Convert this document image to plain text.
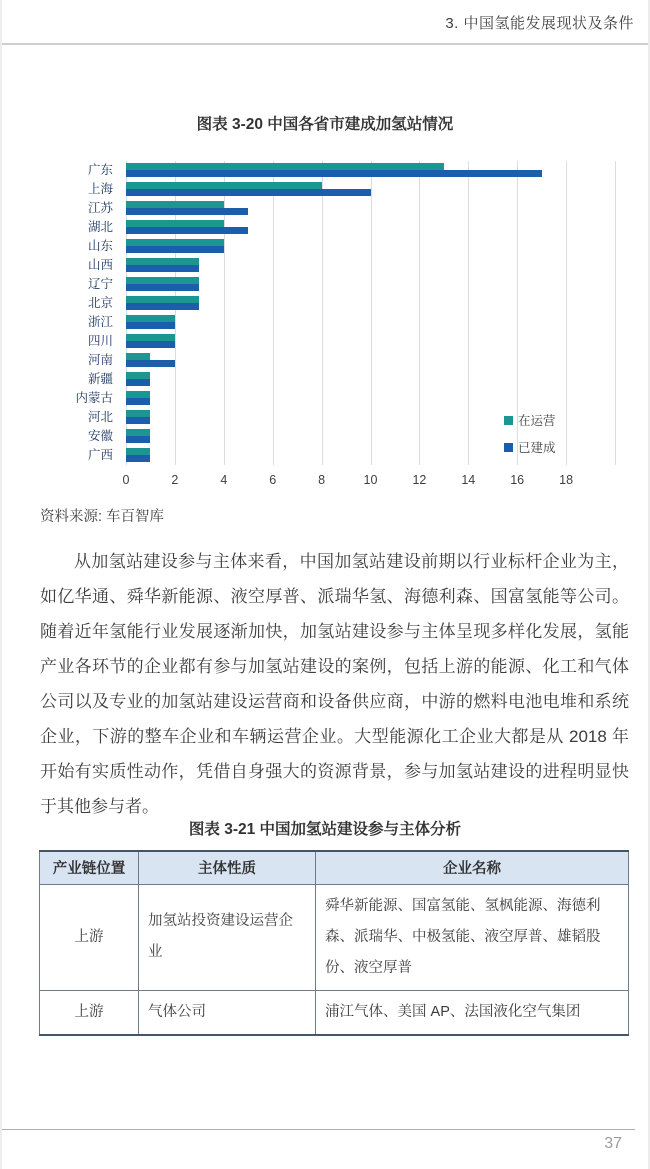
3. 中国氢能发展现状及条件
图表 3-20 中国各省市建成加氢站情况
广东
上海
江苏
湖北
山东
山西
辽宁
北京
浙江
四川
河南
新疆
内蒙古
河北
安徽
广西
在运营
已建成
0	2	4	6	8	10	12	14	16	18
资料来源: 车百智库

从加氢站建设参与主体来看，中国加氢站建设前期以行业标杆企业为主，如亿华通、舜华新能源、液空厚普、派瑞华氢、海德利森、国富氢能等公司。随着近年氢能行业发展逐渐加快，加氢站建设参与主体呈现多样化发展，氢能产业各环节的企业都有参与加氢站建设的案例，包括上游的能源、化工和气体公司以及专业的加氢站建设运营商和设备供应商，中游的燃料电池电堆和系统企业，下游的整车企业和车辆运营企业。大型能源化工企业大都是从 2018 年开始有实质性动作，凭借自身强大的资源背景，参与加氢站建设的进程明显快于其他参与者。

图表 3-21 中国加氢站建设参与主体分析
产业链位置	主体性质	企业名称
上游	加氢站投资建设运营企业	舜华新能源、国富氢能、氢枫能源、海德利森、派瑞华、中极氢能、液空厚普、雄韬股份、液空厚普
上游	气体公司	浦江气体、美国 AP、法国液化空气集团
37
